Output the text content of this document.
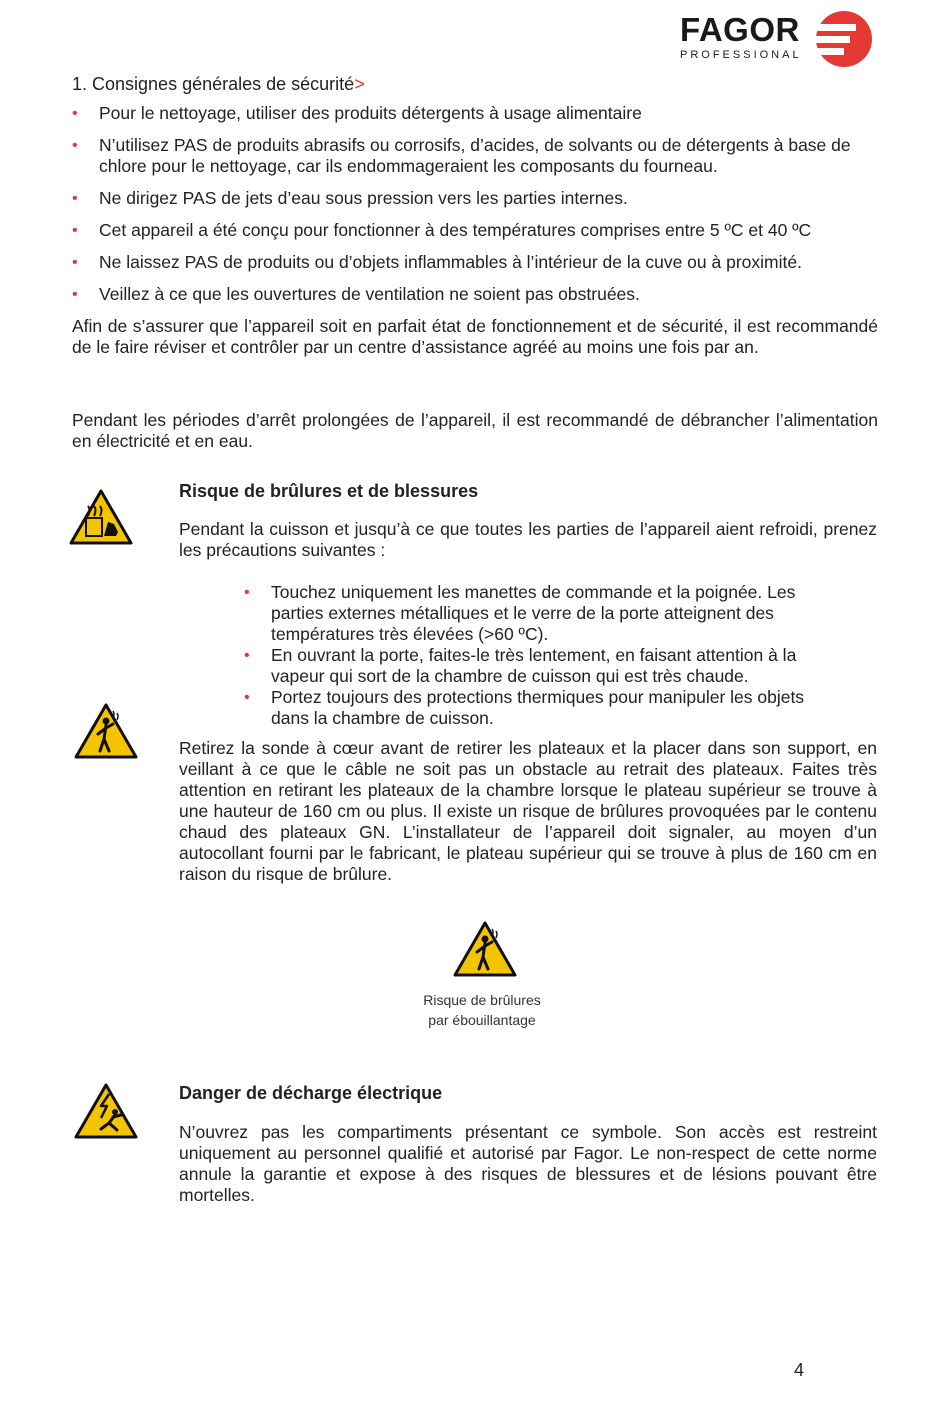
FAGOR
PROFESSIONAL
1. Consignes générales de sécurité>
• Pour le nettoyage, utiliser des produits détergents à usage alimentaire
• N’utilisez PAS de produits abrasifs ou corrosifs, d’acides, de solvants ou de détergents à base de chlore pour le nettoyage, car ils endommageraient les composants du fourneau.
• Ne dirigez PAS de jets d’eau sous pression vers les parties internes.
• Cet appareil a été conçu pour fonctionner à des températures comprises entre 5 ºC et 40 ºC
• Ne laissez PAS de produits ou d’objets inflammables à l’intérieur de la cuve ou à proximité.
• Veillez à ce que les ouvertures de ventilation ne soient pas obstruées.

Afin de s’assurer que l’appareil soit en parfait état de fonctionnement et de sécurité, il est recommandé de le faire réviser et contrôler par un centre d’assistance agréé au moins une fois par an.

Pendant les périodes d’arrêt prolongées de l’appareil, il est recommandé de débrancher l’alimentation en électricité et en eau.

Risque de brûlures et de blessures

Pendant la cuisson et jusqu’à ce que toutes les parties de l’appareil aient refroidi, prenez les précautions suivantes :

• Touchez uniquement les manettes de commande et la poignée. Les parties externes métalliques et le verre de la porte atteignent des températures très élevées (>60 ºC).
• En ouvrant la porte, faites-le très lentement, en faisant attention à la vapeur qui sort de la chambre de cuisson qui est très chaude.
• Portez toujours des protections thermiques pour manipuler les objets dans la chambre de cuisson.

Retirez la sonde à cœur avant de retirer les plateaux et la placer dans son support, en veillant à ce que le câble ne soit pas un obstacle au retrait des plateaux. Faites très attention en retirant les plateaux de la chambre lorsque le plateau supérieur se trouve à une hauteur de 160 cm ou plus. Il existe un risque de brûlures provoquées par le contenu chaud des plateaux GN. L’installateur de l’appareil doit signaler, au moyen d’un autocollant fourni par le fabricant, le plateau supérieur qui se trouve à plus de 160 cm en raison du risque de brûlure.

Risque de brûlures
par ébouillantage
Danger de décharge électrique

N’ouvrez pas les compartiments présentant ce symbole. Son accès est restreint uniquement au personnel qualifié et autorisé par Fagor. Le non-respect de cette norme annule la garantie et expose à des risques de blessures et de lésions pouvant être mortelles.

4
